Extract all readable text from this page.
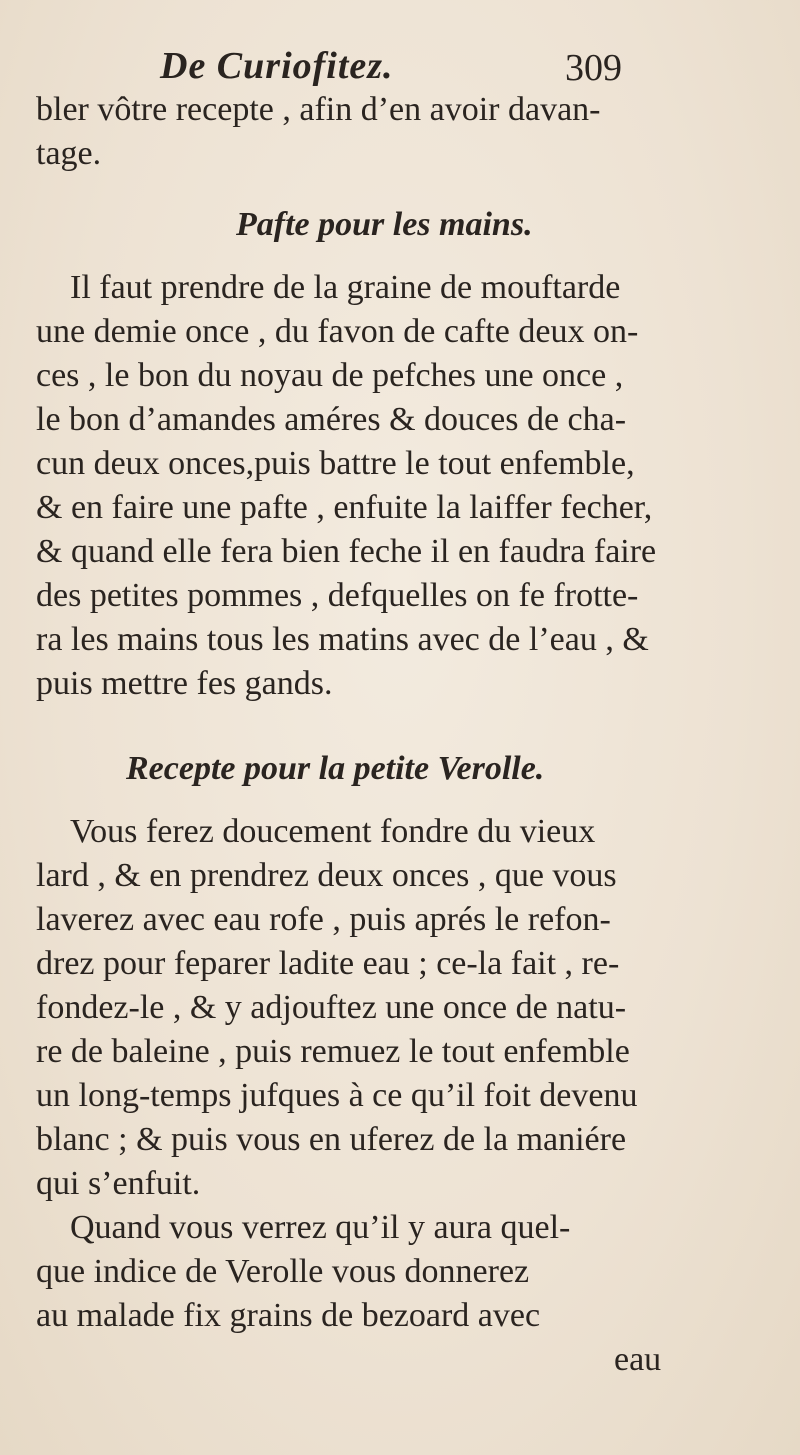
De Curiofitez.	309
bler vôtre recepte , afin d’en avoir davan-
tage.
Pafte pour les mains.
Il faut prendre de la graine de mouftarde
une demie once , du favon de cafte deux on-
ces , le bon du noyau de pefches une once ,
le bon d’amandes améres & douces de cha-
cun deux onces,puis battre le tout enfemble,
& en faire une pafte , enfuite la laiffer fecher,
& quand elle fera bien feche il en faudra faire
des petites pommes , defquelles on fe frotte-
ra les mains tous les matins avec de l’eau , &
puis mettre fes gands.
Recepte pour la petite Verolle.
Vous ferez doucement fondre du vieux
lard , & en prendrez deux onces , que vous
laverez avec eau rofe , puis aprés le refon-
drez pour feparer ladite eau ; ce-la fait , re-
fondez-le , & y adjouftez une once de natu-
re de baleine , puis remuez le tout enfemble
un long-temps jufques à ce qu’il foit devenu
blanc ; & puis vous en uferez de la maniére
qui s’enfuit.
Quand vous verrez qu’il y aura quel-
que indice de Verolle vous donnerez
au malade fix grains de bezoard avec
eau
